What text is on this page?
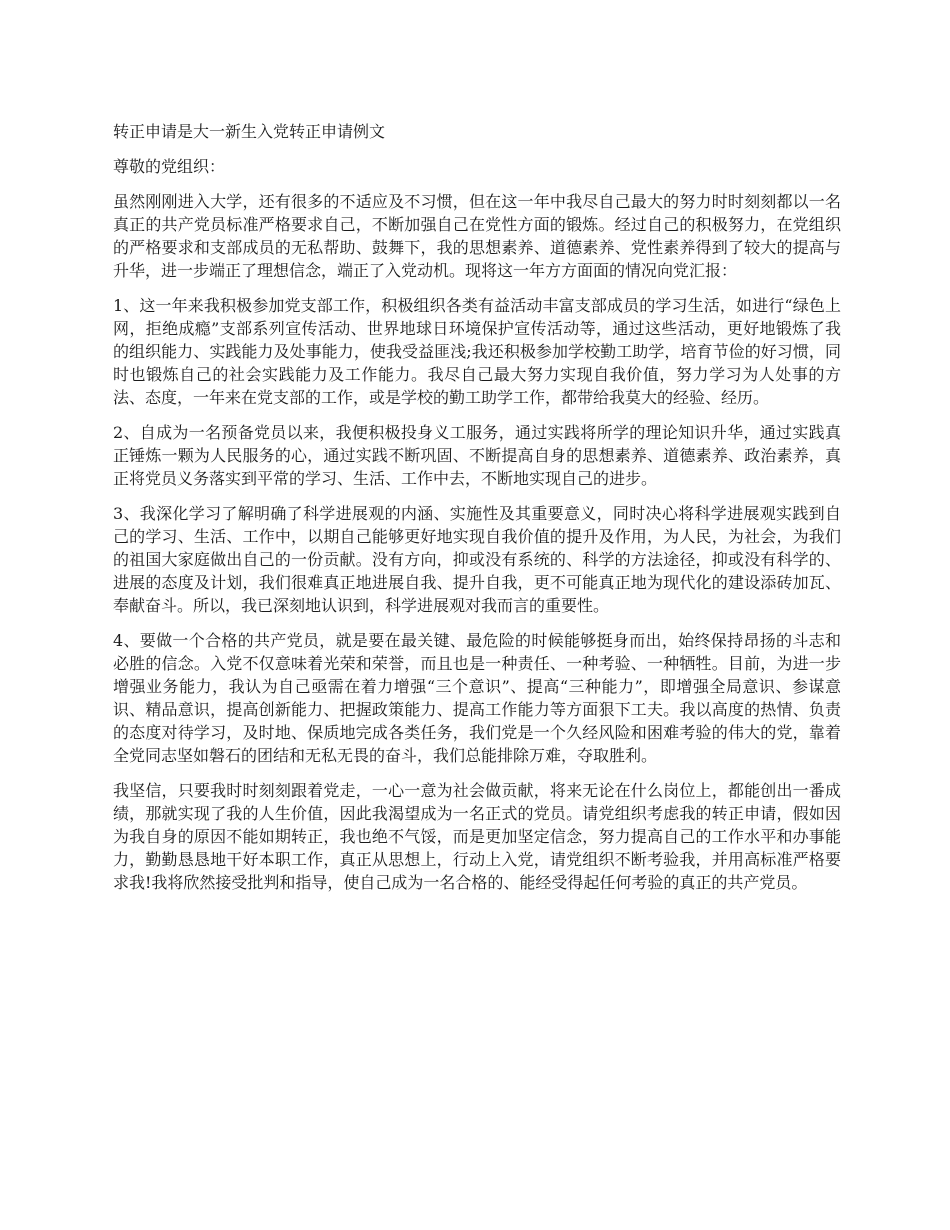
转正申请是大一新生入党转正申请例文

尊敬的党组织：

虽然刚刚进入大学，还有很多的不适应及不习惯，但在这一年中我尽自己最大的努力时时刻刻都以一名真正的共产党员标准严格要求自己，不断加强自己在党性方面的锻炼。经过自己的积极努力，在党组织的严格要求和支部成员的无私帮助、鼓舞下，我的思想素养、道德素养、党性素养得到了较大的提高与升华，进一步端正了理想信念，端正了入党动机。现将这一年方方面面的情况向党汇报：

1、这一年来我积极参加党支部工作，积极组织各类有益活动丰富支部成员的学习生活，如进行“绿色上网，拒绝成瘾”支部系列宣传活动、世界地球日环境保护宣传活动等，通过这些活动，更好地锻炼了我的组织能力、实践能力及处事能力，使我受益匪浅;我还积极参加学校勤工助学，培育节俭的好习惯，同时也锻炼自己的社会实践能力及工作能力。我尽自己最大努力实现自我价值，努力学习为人处事的方法、态度，一年来在党支部的工作，或是学校的勤工助学工作，都带给我莫大的经验、经历。

2、自成为一名预备党员以来，我便积极投身义工服务，通过实践将所学的理论知识升华，通过实践真正锤炼一颗为人民服务的心，通过实践不断巩固、不断提高自身的思想素养、道德素养、政治素养，真正将党员义务落实到平常的学习、生活、工作中去，不断地实现自己的进步。

3、我深化学习了解明确了科学进展观的内涵、实施性及其重要意义，同时决心将科学进展观实践到自己的学习、生活、工作中，以期自己能够更好地实现自我价值的提升及作用，为人民，为社会，为我们的祖国大家庭做出自己的一份贡献。没有方向，抑或没有系统的、科学的方法途径，抑或没有科学的、进展的态度及计划，我们很难真正地进展自我、提升自我，更不可能真正地为现代化的建设添砖加瓦、奉献奋斗。所以，我已深刻地认识到，科学进展观对我而言的重要性。

4、要做一个合格的共产党员，就是要在最关键、最危险的时候能够挺身而出，始终保持昂扬的斗志和必胜的信念。入党不仅意味着光荣和荣誉，而且也是一种责任、一种考验、一种牺牲。目前，为进一步增强业务能力，我认为自己亟需在着力增强“三个意识”、提高“三种能力”，即增强全局意识、参谋意识、精品意识，提高创新能力、把握政策能力、提高工作能力等方面狠下工夫。我以高度的热情、负责的态度对待学习，及时地、保质地完成各类任务，我们党是一个久经风险和困难考验的伟大的党，靠着全党同志坚如磐石的团结和无私无畏的奋斗，我们总能排除万难，夺取胜利。

我坚信，只要我时时刻刻跟着党走，一心一意为社会做贡献，将来无论在什么岗位上，都能创出一番成绩，那就实现了我的人生价值，因此我渴望成为一名正式的党员。请党组织考虑我的转正申请，假如因为我自身的原因不能如期转正，我也绝不气馁，而是更加坚定信念，努力提高自己的工作水平和办事能力，勤勤恳恳地干好本职工作，真正从思想上，行动上入党，请党组织不断考验我，并用高标准严格要求我!我将欣然接受批判和指导，使自己成为一名合格的、能经受得起任何考验的真正的共产党员。
